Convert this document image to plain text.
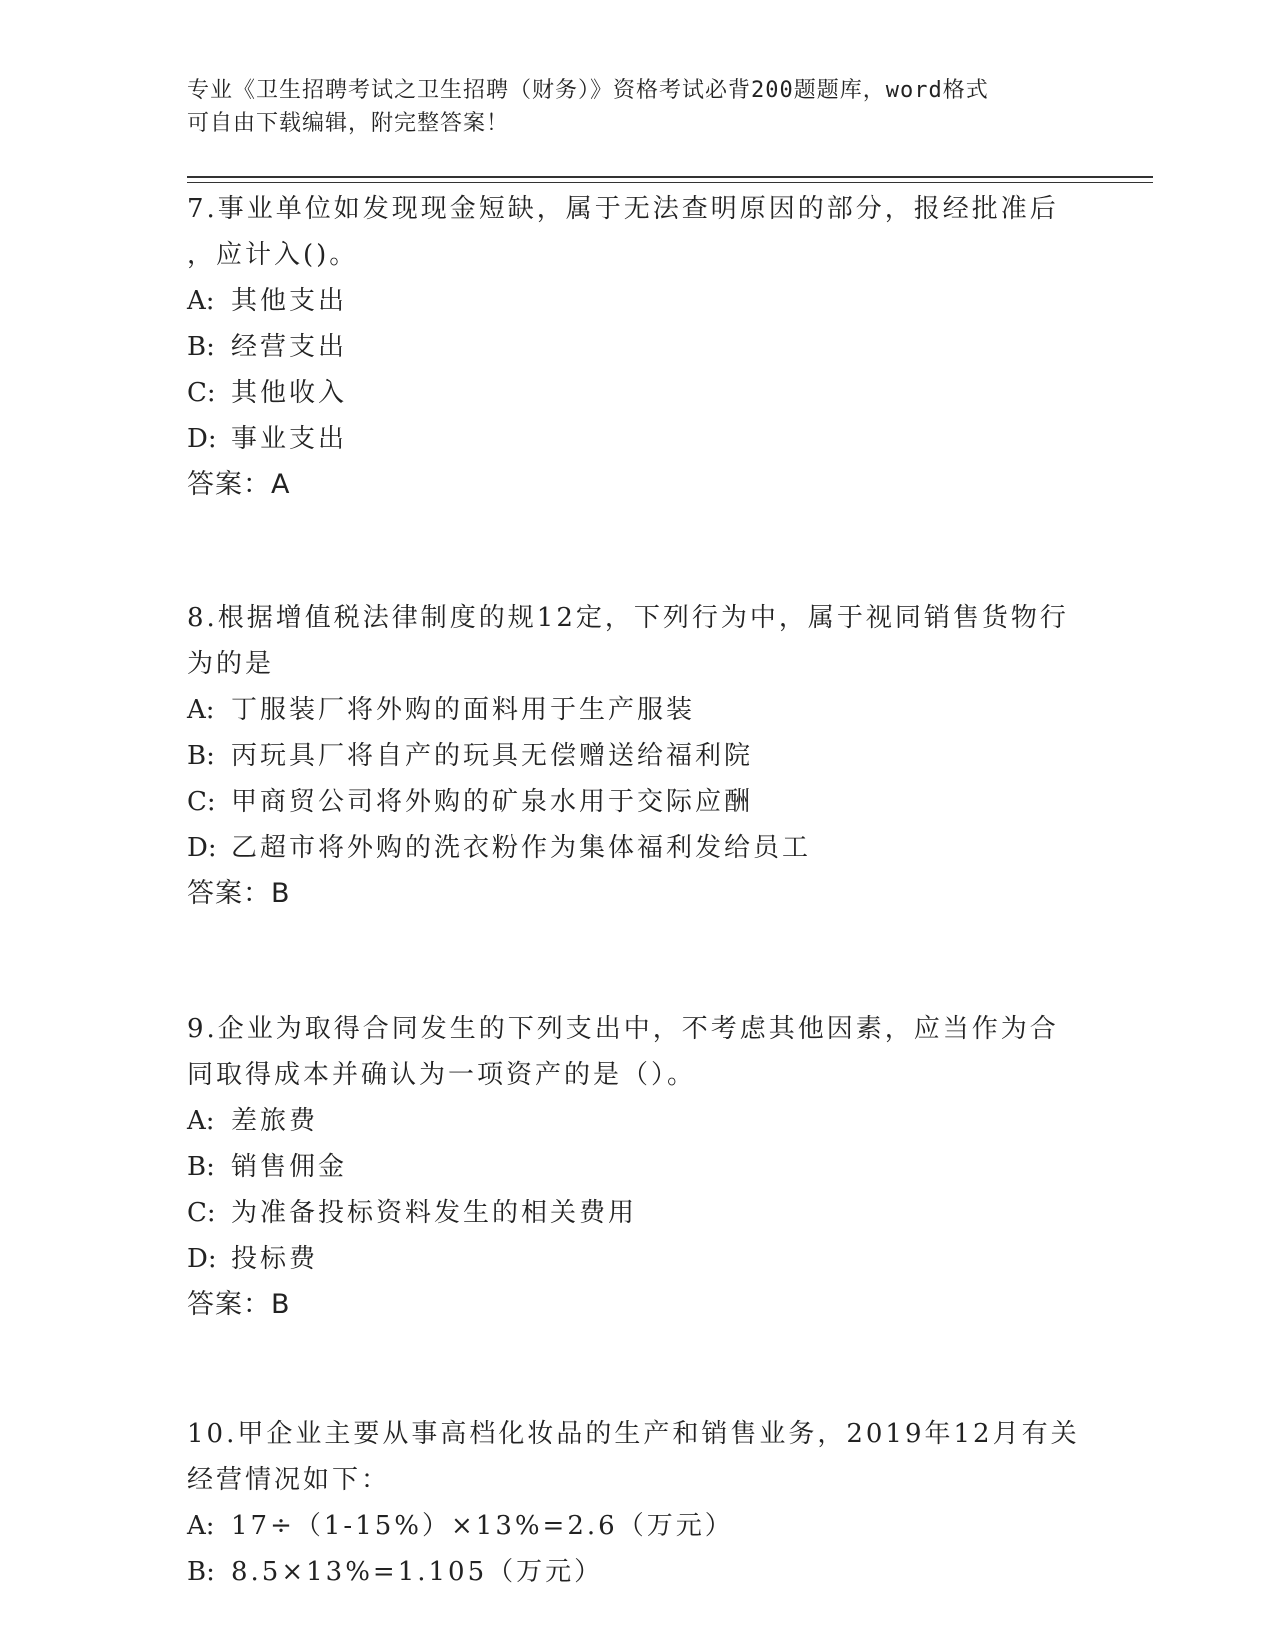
专业《卫生招聘考试之卫生招聘（财务）》资格考试必背200题题库，word格式
可自由下载编辑，附完整答案！
7.事业单位如发现现金短缺，属于无法查明原因的部分，报经批准后
，应计入()。
A: 其他支出
B: 经营支出
C: 其他收入
D: 事业支出
答案：A
8.根据增值税法律制度的规12定，下列行为中，属于视同销售货物行
为的是
A: 丁服装厂将外购的面料用于生产服装
B: 丙玩具厂将自产的玩具无偿赠送给福利院
C: 甲商贸公司将外购的矿泉水用于交际应酬
D: 乙超市将外购的洗衣粉作为集体福利发给员工
答案：B
9.企业为取得合同发生的下列支出中，不考虑其他因素，应当作为合
同取得成本并确认为一项资产的是（）。
A: 差旅费
B: 销售佣金
C: 为准备投标资料发生的相关费用
D: 投标费
答案：B
10.甲企业主要从事高档化妆品的生产和销售业务，2019年12月有关
经营情况如下：
A: 17÷（1-15%）×13%=2.6（万元）
B: 8.5×13%=1.105（万元）
